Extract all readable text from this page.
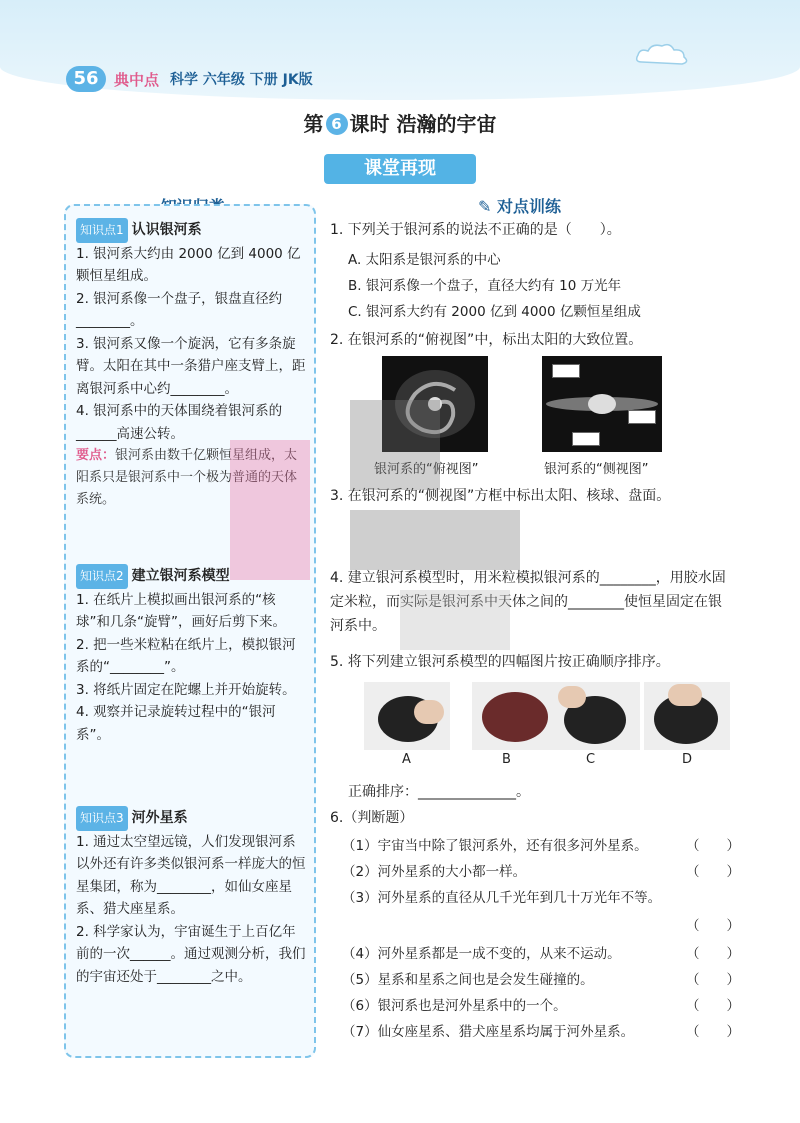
56	典中点 科学 六年级 下册 JK版
第 6 课时 浩瀚的宇宙
课堂再现
知识点1 认识银河系

1. 银河系大约由 2000 亿到 4000 亿颗恒星组成。

2. 银河系像一个盘子，银盘直径约________。

3. 银河系又像一个旋涡，它有多条旋臂。太阳在其中一条猎户座支臂上，距离银河系中心约________。

4. 银河系中的天体围绕着银河系的______高速公转。

要点：银河系由数千亿颗恒星组成，太阳系只是银河系中一个极为普通的天体系统。

知识点2 建立银河系模型

1. 在纸片上模拟画出银河系的“核球”和几条“旋臂”，画好后剪下来。

2. 把一些米粒粘在纸片上，模拟银河系的“________”。

3. 将纸片固定在陀螺上并开始旋转。

4. 观察并记录旋转过程中的“银河系”。

知识点3 河外星系

1. 通过太空望远镜，人们发现银河系以外还有许多类似银河系一样庞大的恒星集团，称为________，如仙女座星系、猎犬座星系。

2. 科学家认为，宇宙诞生于上百亿年前的一次______。通过观测分析，我们的宇宙还处于________之中。

✎ 对点训练
1. 下列关于银河系的说法不正确的是（　　）。
A. 太阳系是银河系的中心
B. 银河系像一个盘子，直径大约有 10 万光年
C. 银河系大约有 2000 亿到 4000 亿颗恒星组成
2. 在银河系的“俯视图”中，标出太阳的大致位置。
银河系的“俯视图”	银河系的“侧视图”
3. 在银河系的“侧视图”方框中标出太阳、核球、盘面。
4. 建立银河系模型时，用米粒模拟银河系的________，用胶水固定米粒，而实际是银河系中天体之间的________使恒星固定在银河系中。
5. 将下列建立银河系模型的四幅图片按正确顺序排序。
A	B	C	D
正确排序：______________。
6.（判断题）
（1）宇宙当中除了银河系外，还有很多河外星系。	（　　）
（2）河外星系的大小都一样。	（　　）
（3）河外星系的直径从几千光年到几十万光年不等。
（　　）
（4）河外星系都是一成不变的，从来不运动。	（　　）
（5）星系和星系之间也是会发生碰撞的。	（　　）
（6）银河系也是河外星系中的一个。	（　　）
（7）仙女座星系、猎犬座星系均属于河外星系。	（　　）
